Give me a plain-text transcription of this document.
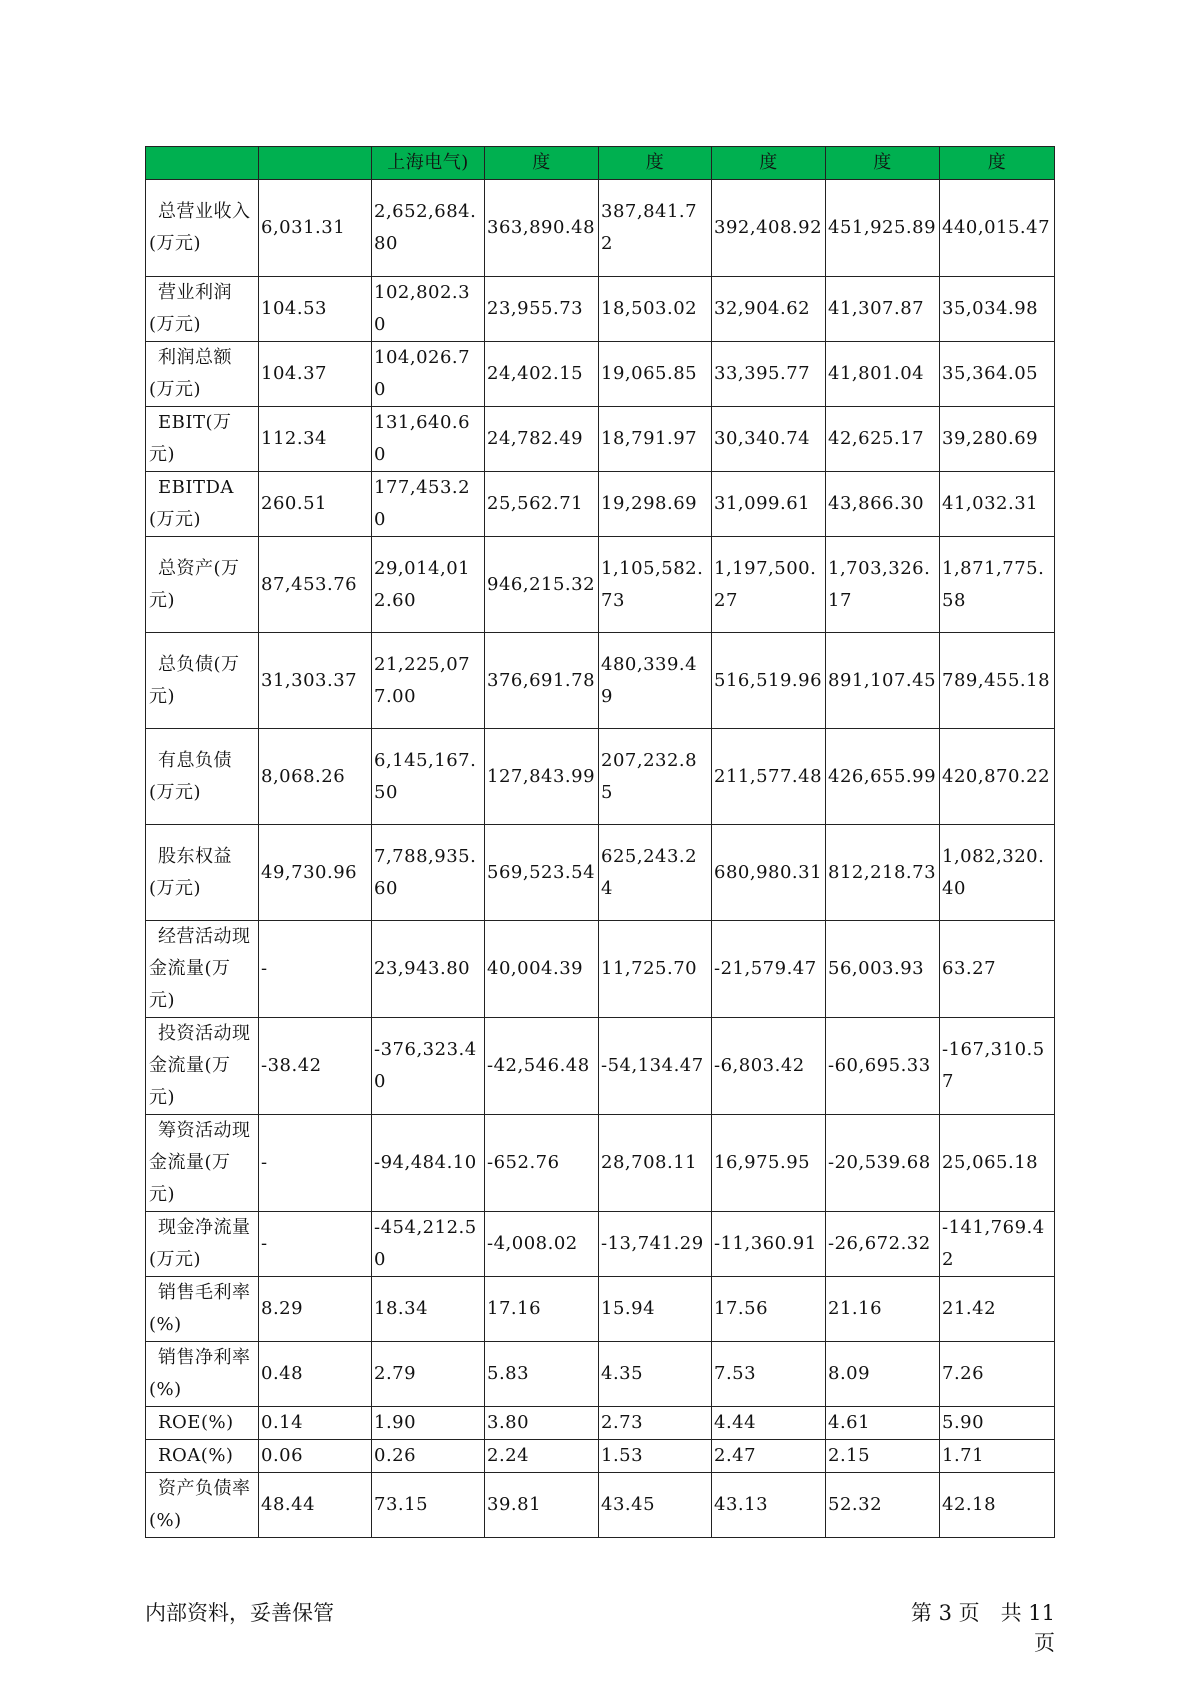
		上海电气)	度	度	度	度	度
总营业收入(万元)	6,031.31	2,652,684.80	363,890.48	387,841.72	392,408.92	451,925.89	440,015.47
营业利润(万元)	104.53	102,802.30	23,955.73	18,503.02	32,904.62	41,307.87	35,034.98
利润总额(万元)	104.37	104,026.70	24,402.15	19,065.85	33,395.77	41,801.04	35,364.05
EBIT(万元)	112.34	131,640.60	24,782.49	18,791.97	30,340.74	42,625.17	39,280.69
EBITDA(万元)	260.51	177,453.20	25,562.71	19,298.69	31,099.61	43,866.30	41,032.31
总资产(万元)	87,453.76	29,014,012.60	946,215.32	1,105,582.73	1,197,500.27	1,703,326.17	1,871,775.58
总负债(万元)	31,303.37	21,225,077.00	376,691.78	480,339.49	516,519.96	891,107.45	789,455.18
有息负债(万元)	8,068.26	6,145,167.50	127,843.99	207,232.85	211,577.48	426,655.99	420,870.22
股东权益(万元)	49,730.96	7,788,935.60	569,523.54	625,243.24	680,980.31	812,218.73	1,082,320.40
经营活动现金流量(万元)	-	23,943.80	40,004.39	11,725.70	-21,579.47	56,003.93	63.27
投资活动现金流量(万元)	-38.42	-376,323.40	-42,546.48	-54,134.47	-6,803.42	-60,695.33	-167,310.57
筹资活动现金流量(万元)	-	-94,484.10	-652.76	28,708.11	16,975.95	-20,539.68	25,065.18
现金净流量(万元)	-	-454,212.50	-4,008.02	-13,741.29	-11,360.91	-26,672.32	-141,769.42
销售毛利率(%)	8.29	18.34	17.16	15.94	17.56	21.16	21.42
销售净利率(%)	0.48	2.79	5.83	4.35	7.53	8.09	7.26
ROE(%)	0.14	1.90	3.80	2.73	4.44	4.61	5.90
ROA(%)	0.06	0.26	2.24	1.53	2.47	2.15	1.71
资产负债率(%)	48.44	73.15	39.81	43.45	43.13	52.32	42.18
内部资料，妥善保管	第 3 页　共 11 页
